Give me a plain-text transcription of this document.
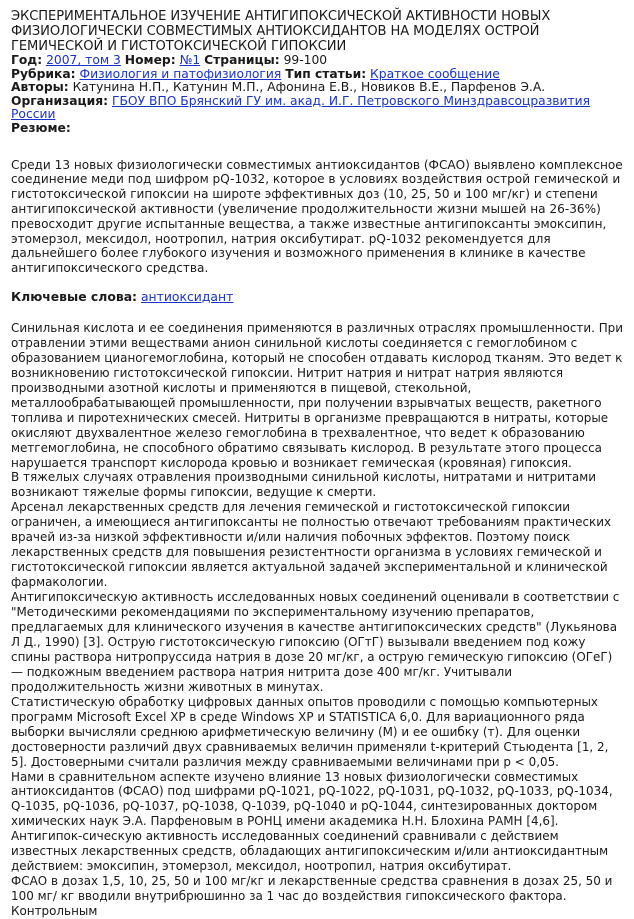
ЭКСПЕРИМЕНТАЛЬНОЕ ИЗУЧЕНИЕ АНТИГИПОКСИЧЕСКОЙ АКТИВНОСТИ НОВЫХ ФИЗИОЛОГИЧЕСКИ СОВМЕСТИМЫХ АНТИОКСИДАНТОВ НА МОДЕЛЯХ ОСТРОЙ ГЕМИЧЕСКОЙ И ГИСТОТОКСИЧЕСКОЙ ГИПОКСИИ
Год: 2007, том 3 Номер: №1 Страницы: 99-100
Рубрика: Физиология и патофизиология Тип статьи: Краткое сообщение
Авторы: Катунина Н.П., Катунин М.П., Афонина Е.В., Новиков В.Е., Парфенов Э.А.
Организация: ГБОУ ВПО Брянский ГУ им. акад. И.Г. Петровского Минздравсоцразвития России
Резюме:

Среди 13 новых физиологически совместимых антиоксидантов (ФСАО) выявлено комплексное соединение меди под шифром pQ-1032, которое в условиях воздействия острой гемической и гистотоксической гипоксии на широте эффективных доз (10, 25, 50 и 100 мг/кг) и степени антигипоксической активности (увеличение продолжительности жизни мышей на 26-36%) превосходит другие испытанные вещества, а также известные антигипоксанты эмоксипин, этомерзол, мексидол, ноотропил, натрия оксибутират. pQ-1032 рекомендуется для дальнейшего более глубокого изучения и возможного применения в клинике в качестве антигипоксического средства.

Ключевые слова: антиоксидант

Синильная кислота и ее соединения применяются в различных отраслях промышленности. При отравлении этими веществами анион синильной кислоты соединяется с гемоглобином с образованием цианогемоглобина, который не способен отдавать кислород тканям. Это ведет к возникновению гистотоксической гипоксии. Нитрит натрия и нитрат натрия являются производными азотной кислоты и применяются в пищевой, стекольной, металлообрабатывающей промышленности, при получении взрывчатых веществ, ракетного топлива и пиротехнических смесей. Нитриты в организме превращаются в нитраты, которые окисляют двухвалентное железо гемоглобина в трехвалентное, что ведет к образованию метгемоглобина, не способного обратимо связывать кислород. В результате этого процесса нарушается транспорт кислорода кровью и возникает гемическая (кровяная) гипоксия.

В тяжелых случаях отравления производными синильной кислоты, нитратами и нитритами возникают тяжелые формы гипоксии, ведущие к смерти.

Арсенал лекарственных средств для лечения гемической и гистотоксической гипоксии ограничен, а имеющиеся антигипоксанты не полностью отвечают требованиям практических врачей из-за низкой эффективности и/или наличия побочных эффектов. Поэтому поиск лекарственных средств для повышения резистентности организма в условиях гемической и гистотоксической гипоксии является актуальной задачей экспериментальной и клинической фармакологии.

Антигипоксическую активность исследованных новых соединений оценивали в соответствии с "Методическими рекомендациями по экспериментальному изучению препаратов, предлагаемых для клинического изучения в качестве антигипоксических средств" (Лукьянова Л Д., 1990) [3]. Острую гистотоксическую гипоксию (ОГтГ) вызывали введением под кожу спины раствора нитропруссида натрия в дозе 20 мг/кг, а острую гемическую гипоксию (ОГеГ) — подкожным введением раствора натрия нитрита дозе 400 мг/кг. Учитывали продолжительность жизни животных в минутах.

Статистическую обработку цифровых данных опытов проводили с помощью компьютерных программ Microsoft Excel XP в среде Windows XP и STATISTICA 6,0. Для вариационного ряда выборки вычисляли среднюю арифметическую величину (М) и ее ошибку (т). Для оценки достоверности различий двух сравниваемых величин применяли t-критерий Стьюдента [1, 2, 5]. Достоверными считали различия между сравниваемыми величинами при р < 0,05.

Нами в сравнительном аспекте изучено влияние 13 новых физиологически совместимых антиоксидантов (ФСАО) под шифрами pQ-1021, pQ-1022, pQ-1031, pQ-1032, pQ-1033, pQ-1034, Q-1035, pQ-1036, pQ-1037, pQ-1038, Q-1039, pQ-1040 и pQ-1044, синтезированных доктором химических наук Э.А. Парфеновым в РОНЦ имени академика Н.Н. Блохина РАМН [4,6]. Антигипок-сическую активность исследованных соединений сравнивали с действием известных лекарственных средств, обладающих антигипоксическим и/или антиоксидантным действием: эмоксипин, этомерзол, мексидол, ноотропил, натрия оксибутират.

ФСАО в дозах 1,5, 10, 25, 50 и 100 мг/кг и лекарственные средства сравнения в дозах 25, 50 и 100 мг/ кг вводили внутрибрюшинно за 1 час до воздействия гипоксического фактора. Контрольным
